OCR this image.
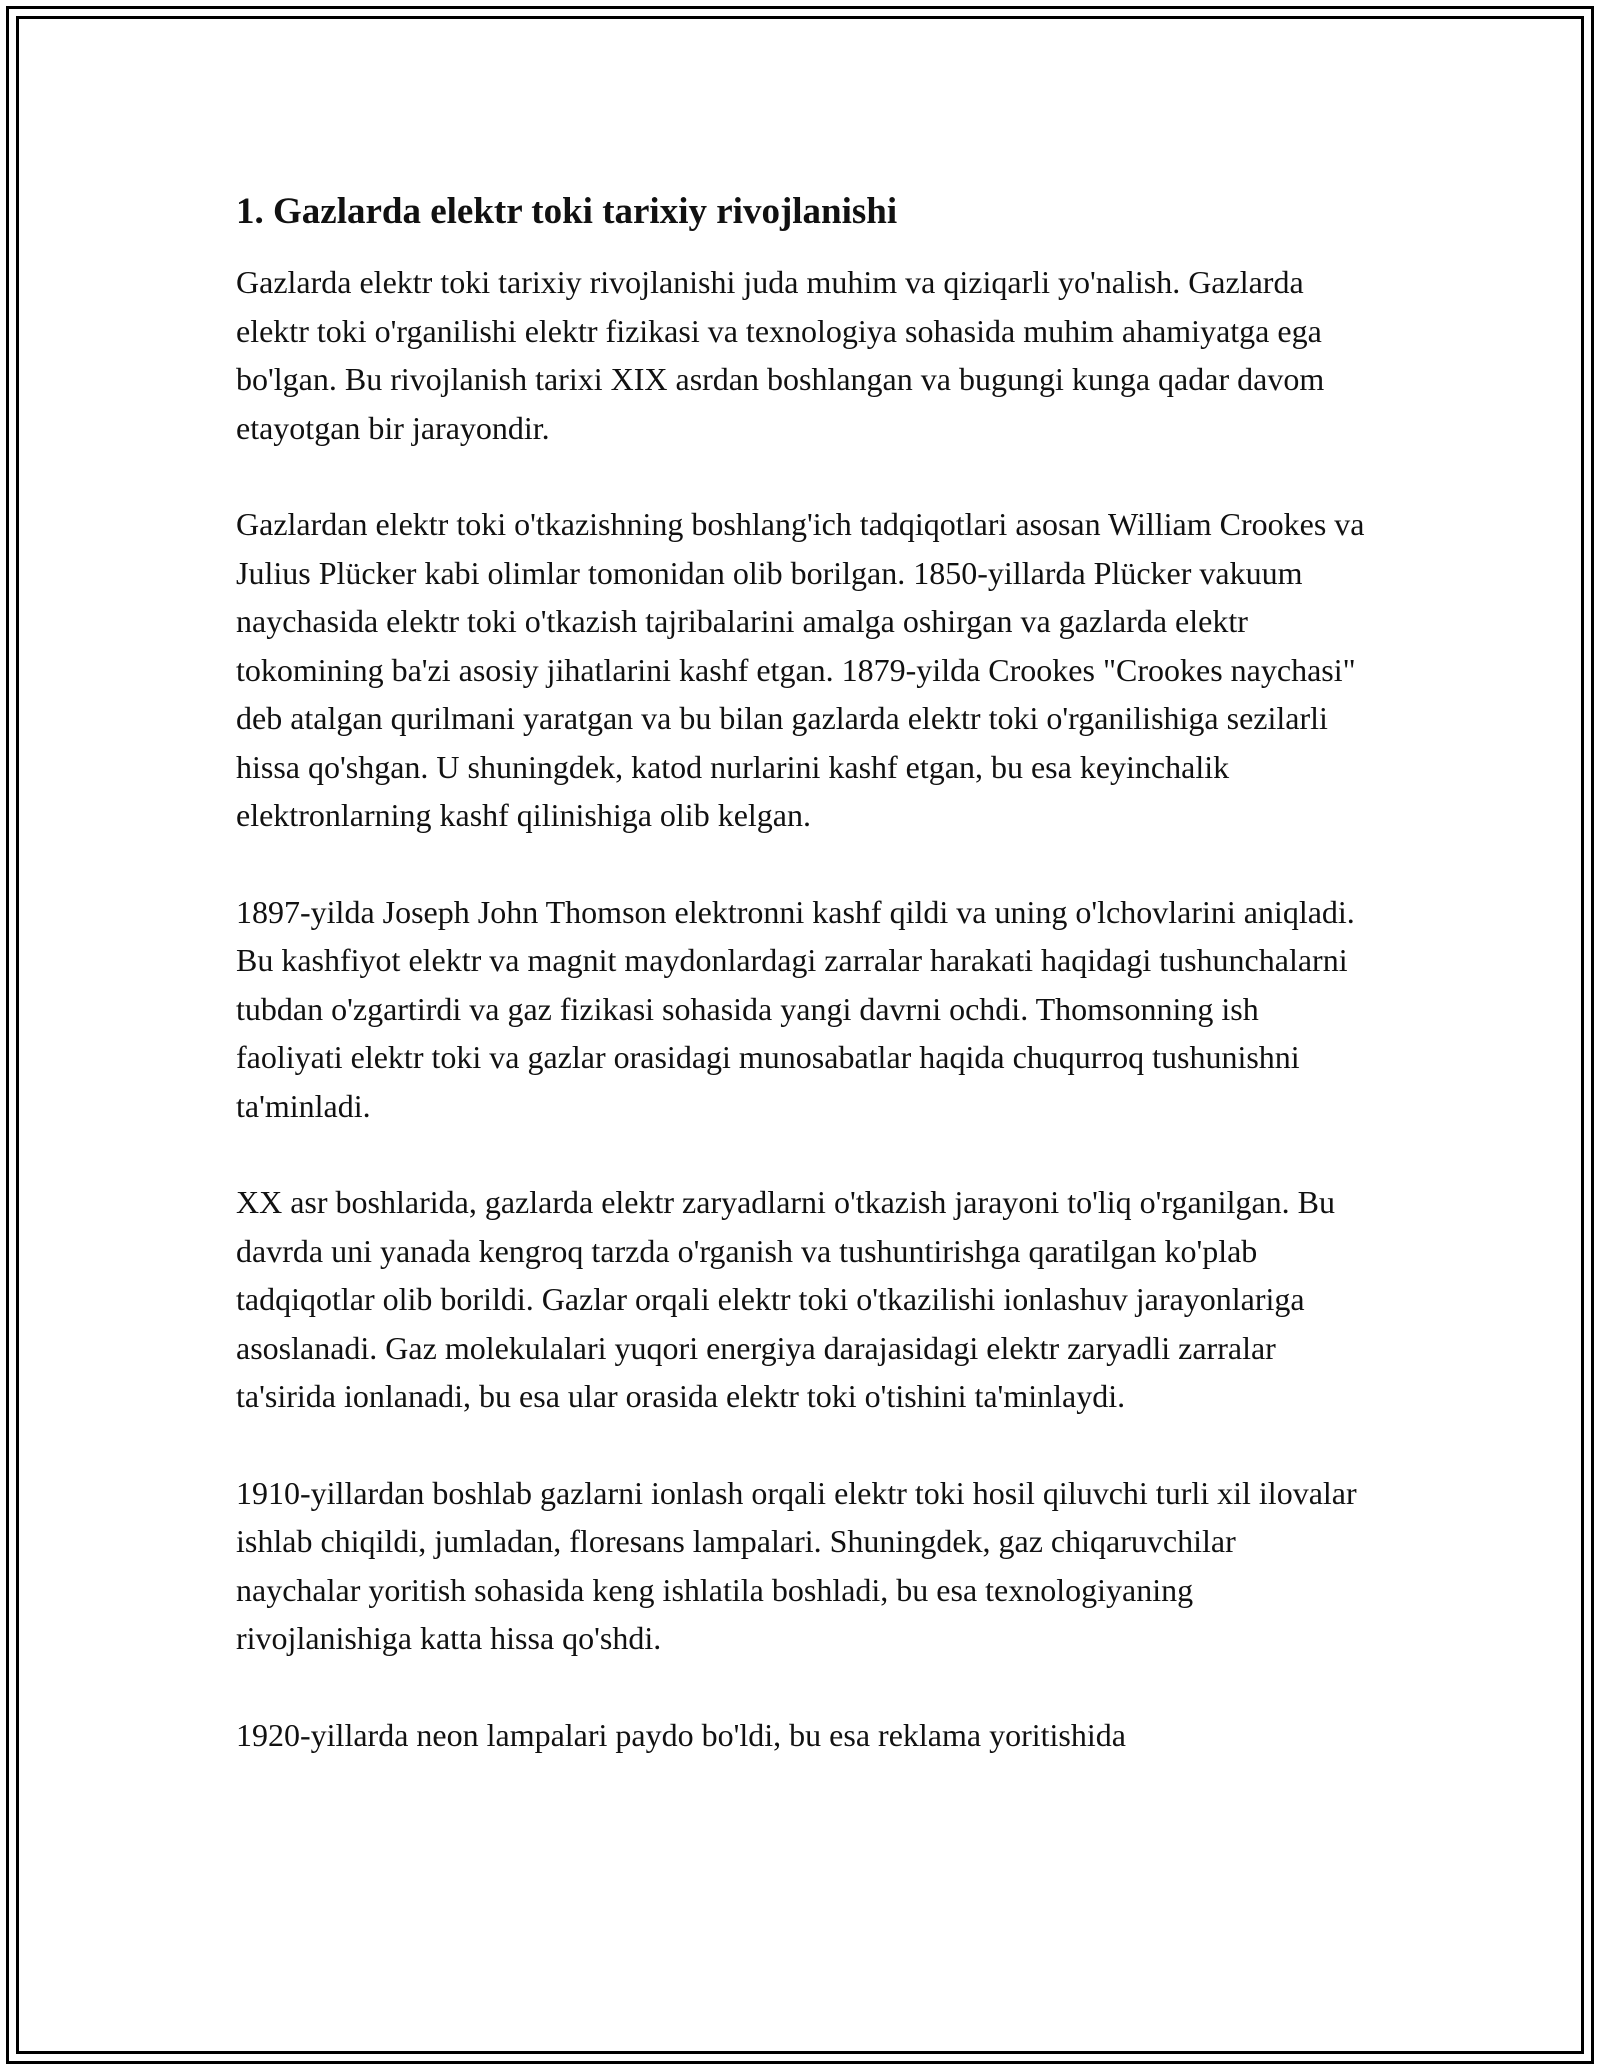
1. Gazlarda elektr toki tarixiy rivojlanishi
Gazlarda elektr toki tarixiy rivojlanishi juda muhim va qiziqarli yo'nalish. Gazlarda elektr toki o'rganilishi elektr fizikasi va texnologiya sohasida muhim ahamiyatga ega bo'lgan. Bu rivojlanish tarixi XIX asrdan boshlangan va bugungi kunga qadar davom etayotgan bir jarayondir.
Gazlardan elektr toki o'tkazishning boshlang'ich tadqiqotlari asosan William Crookes va Julius Plücker kabi olimlar tomonidan olib borilgan. 1850-yillarda Plücker vakuum naychasida elektr toki o'tkazish tajribalarini amalga oshirgan va gazlarda elektr tokomining ba'zi asosiy jihatlarini kashf etgan. 1879-yilda Crookes "Crookes naychasi" deb atalgan qurilmani yaratgan va bu bilan gazlarda elektr toki o'rganilishiga sezilarli hissa qo'shgan. U shuningdek, katod nurlarini kashf etgan, bu esa keyinchalik elektronlarning kashf qilinishiga olib kelgan.
1897-yilda Joseph John Thomson elektronni kashf qildi va uning o'lchovlarini aniqladi. Bu kashfiyot elektr va magnit maydonlardagi zarralar harakati haqidagi tushunchalarni tubdan o'zgartirdi va gaz fizikasi sohasida yangi davrni ochdi. Thomsonning ish faoliyati elektr toki va gazlar orasidagi munosabatlar haqida chuqurroq tushunishni ta'minladi.
XX asr boshlarida, gazlarda elektr zaryadlarni o'tkazish jarayoni to'liq o'rganilgan. Bu davrda uni yanada kengroq tarzda o'rganish va tushuntirishga qaratilgan ko'plab tadqiqotlar olib borildi. Gazlar orqali elektr toki o'tkazilishi ionlashuv jarayonlariga asoslanadi. Gaz molekulalari yuqori energiya darajasidagi elektr zaryadli zarralar ta'sirida ionlanadi, bu esa ular orasida elektr toki o'tishini ta'minlaydi.
1910-yillardan boshlab gazlarni ionlash orqali elektr toki hosil qiluvchi turli xil ilovalar ishlab chiqildi, jumladan, floresans lampalari. Shuningdek, gaz chiqaruvchilar naychalar yoritish sohasida keng ishlatila boshladi, bu esa texnologiyaning rivojlanishiga katta hissa qo'shdi.
1920-yillarda neon lampalari paydo bo'ldi, bu esa reklama yoritishida
